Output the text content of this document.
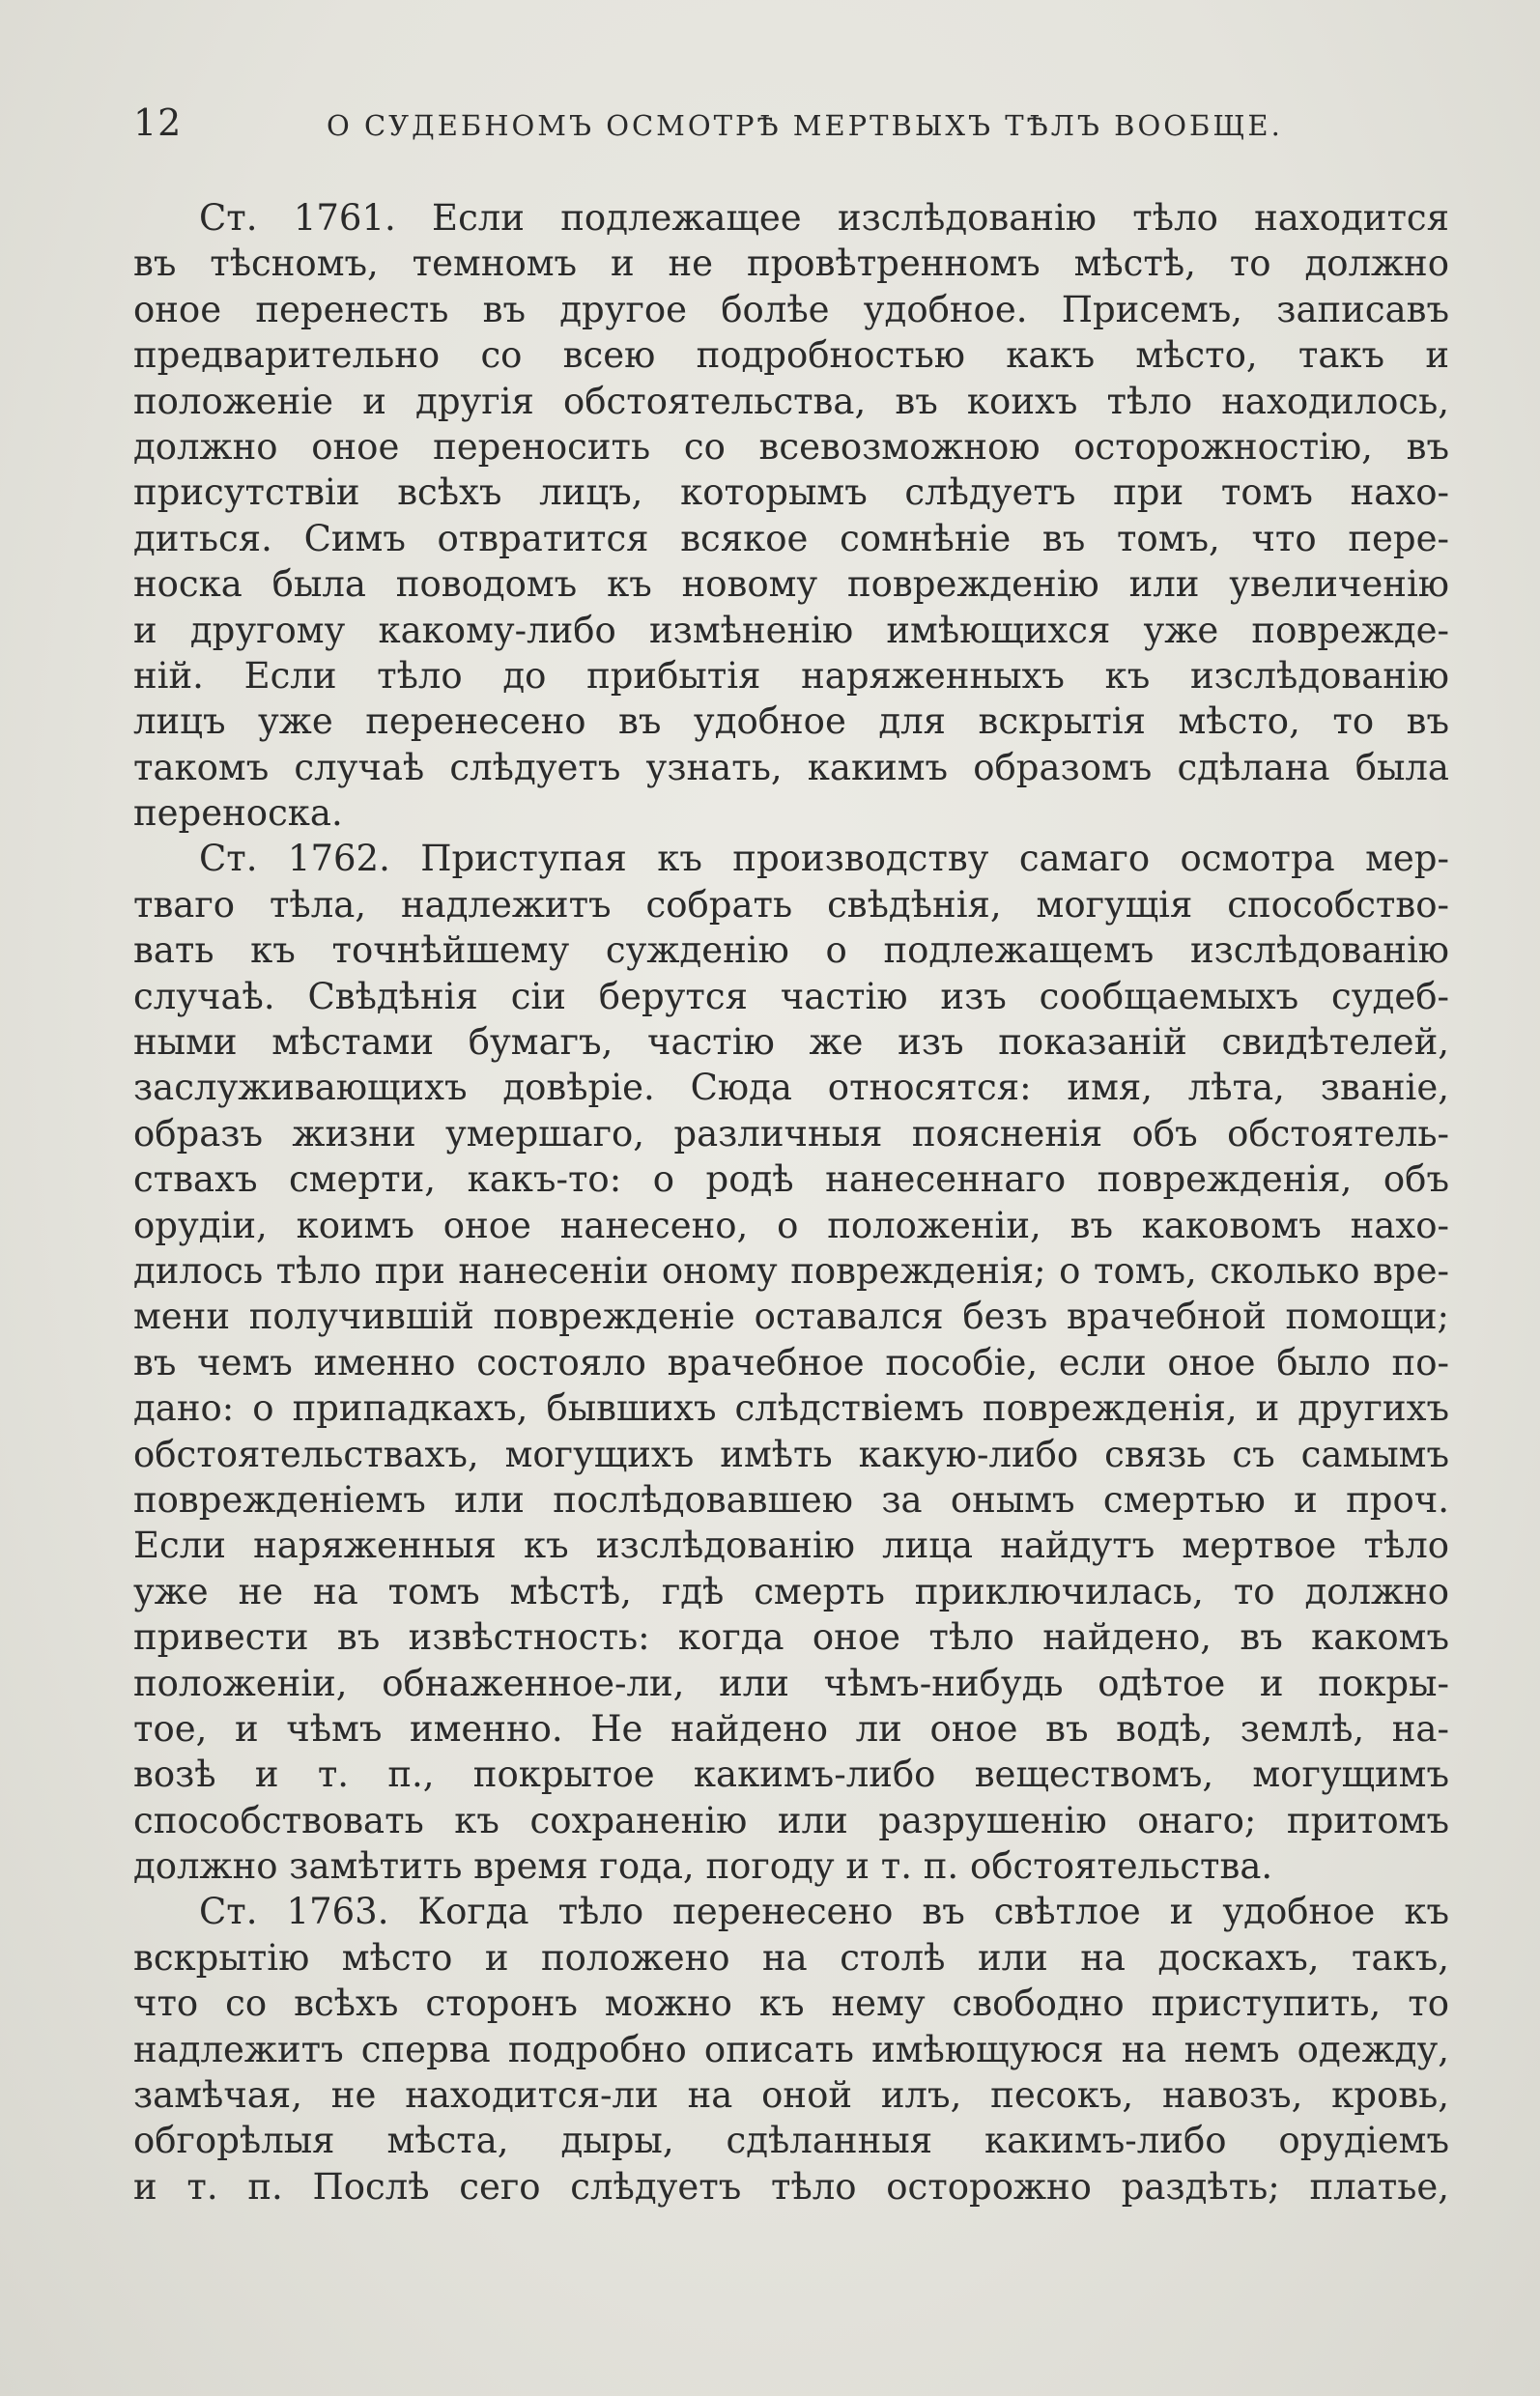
12	О СУДЕБНОМЪ ОСМОТРѢ МЕРТВЫХЪ ТѢЛЪ ВООБЩЕ.
Ст. 1761. Если подлежащее изслѣдованію тѣло находится
въ тѣсномъ, темномъ и не провѣтренномъ мѣстѣ, то должно
оное перенесть въ другое болѣе удобное. Присемъ, записавъ
предварительно со всею подробностью какъ мѣсто, такъ и
положеніе и другія обстоятельства, въ коихъ тѣло находилось,
должно оное переносить со всевозможною осторожностію, въ
присутствіи всѣхъ лицъ, которымъ слѣдуетъ при томъ нахо-
диться. Симъ отвратится всякое сомнѣніе въ томъ, что пере-
носка была поводомъ къ новому поврежденію или увеличенію
и другому какому-либо измѣненію имѣющихся уже поврежде-
ній. Если тѣло до прибытія наряженныхъ къ изслѣдованію
лицъ уже перенесено въ удобное для вскрытія мѣсто, то въ
такомъ случаѣ слѣдуетъ узнать, какимъ образомъ сдѣлана была
переноска.
Ст. 1762. Приступая къ производству самаго осмотра мер-
тваго тѣла, надлежитъ собрать свѣдѣнія, могущія способство-
вать къ точнѣйшему сужденію о подлежащемъ изслѣдованію
случаѣ. Свѣдѣнія сіи берутся частію изъ сообщаемыхъ судеб-
ными мѣстами бумагъ, частію же изъ показаній свидѣтелей,
заслуживающихъ довѣріе. Сюда относятся: имя, лѣта, званіе,
образъ жизни умершаго, различныя поясненія объ обстоятель-
ствахъ смерти, какъ-то: о родѣ нанесеннаго поврежденія, объ
орудіи, коимъ оное нанесено, о положеніи, въ каковомъ нахо-
дилось тѣло при нанесеніи оному поврежденія; о томъ, сколько вре-
мени получившій поврежденіе оставался безъ врачебной помощи;
въ чемъ именно состояло врачебное пособіе, если оное было по-
дано: о припадкахъ, бывшихъ слѣдствіемъ поврежденія, и другихъ
обстоятельствахъ, могущихъ имѣть какую-либо связь съ самымъ
поврежденіемъ или послѣдовавшею за онымъ смертью и проч.
Если наряженныя къ изслѣдованію лица найдутъ мертвое тѣло
уже не на томъ мѣстѣ, гдѣ смерть приключилась, то должно
привести въ извѣстность: когда оное тѣло найдено, въ какомъ
положеніи, обнаженное-ли, или чѣмъ-нибудь одѣтое и покры-
тое, и чѣмъ именно. Не найдено ли оное въ водѣ, землѣ, на-
возѣ и т. п., покрытое какимъ-либо веществомъ, могущимъ
способствовать къ сохраненію или разрушенію онаго; притомъ
должно замѣтить время года, погоду и т. п. обстоятельства.
Ст. 1763. Когда тѣло перенесено въ свѣтлое и удобное къ
вскрытію мѣсто и положено на столѣ или на доскахъ, такъ,
что со всѣхъ сторонъ можно къ нему свободно приступить, то
надлежитъ сперва подробно описать имѣющуюся на немъ одежду,
замѣчая, не находится-ли на оной илъ, песокъ, навозъ, кровь,
обгорѣлыя мѣста, дыры, сдѣланныя какимъ-либо орудіемъ
и т. п. Послѣ сего слѣдуетъ тѣло осторожно раздѣть; платье,
